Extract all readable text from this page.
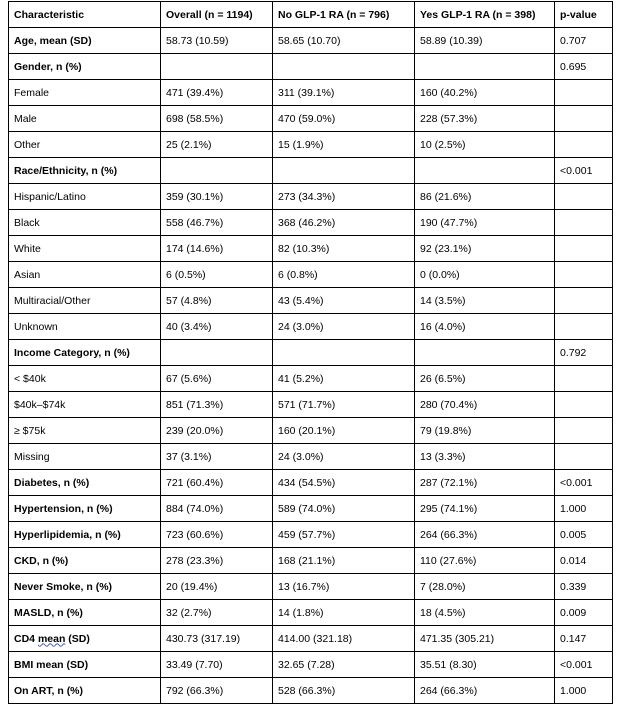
Characteristic	Overall (n = 1194)	No GLP-1 RA (n = 796)	Yes GLP-1 RA (n = 398)	p-value
Age, mean (SD)	58.73 (10.59)	58.65 (10.70)	58.89 (10.39)	0.707
Gender, n (%)				0.695
Female	471 (39.4%)	311 (39.1%)	160 (40.2%)	
Male	698 (58.5%)	470 (59.0%)	228 (57.3%)	
Other	25 (2.1%)	15 (1.9%)	10 (2.5%)	
Race/Ethnicity, n (%)				<0.001
Hispanic/Latino	359 (30.1%)	273 (34.3%)	86 (21.6%)	
Black	558 (46.7%)	368 (46.2%)	190 (47.7%)	
White	174 (14.6%)	82 (10.3%)	92 (23.1%)	
Asian	6 (0.5%)	6 (0.8%)	0 (0.0%)	
Multiracial/Other	57 (4.8%)	43 (5.4%)	14 (3.5%)	
Unknown	40 (3.4%)	24 (3.0%)	16 (4.0%)	
Income Category, n (%)				0.792
< $40k	67 (5.6%)	41 (5.2%)	26 (6.5%)	
$40k–$74k	851 (71.3%)	571 (71.7%)	280 (70.4%)	
≥ $75k	239 (20.0%)	160 (20.1%)	79 (19.8%)	
Missing	37 (3.1%)	24 (3.0%)	13 (3.3%)	
Diabetes, n (%)	721 (60.4%)	434 (54.5%)	287 (72.1%)	<0.001
Hypertension, n (%)	884 (74.0%)	589 (74.0%)	295 (74.1%)	1.000
Hyperlipidemia, n (%)	723 (60.6%)	459 (57.7%)	264 (66.3%)	0.005
CKD, n (%)	278 (23.3%)	168 (21.1%)	110 (27.6%)	0.014
Never Smoke, n (%)	20 (19.4%)	13 (16.7%)	7 (28.0%)	0.339
MASLD, n (%)	32 (2.7%)	14 (1.8%)	18 (4.5%)	0.009
CD4 mean (SD)	430.73 (317.19)	414.00 (321.18)	471.35 (305.21)	0.147
BMI mean (SD)	33.49 (7.70)	32.65 (7.28)	35.51 (8.30)	<0.001
On ART, n (%)	792 (66.3%)	528 (66.3%)	264 (66.3%)	1.000
